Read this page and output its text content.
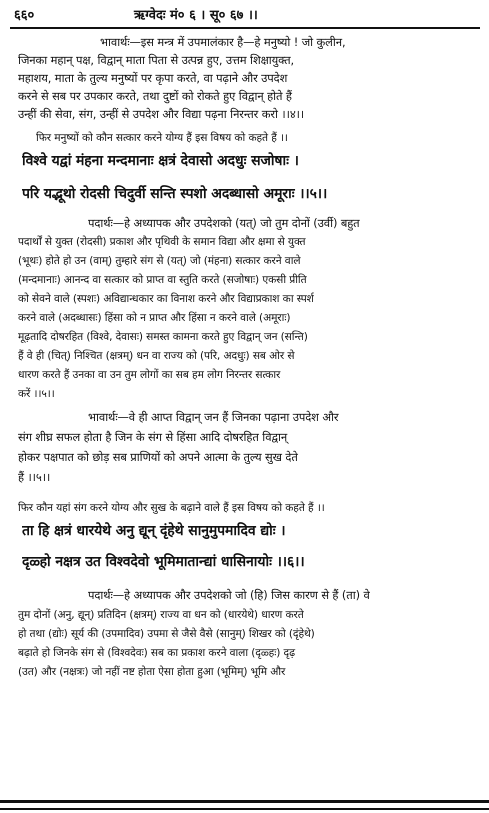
६६०	ऋग्वेदः मं० ६ । सू० ६७ ।।
भावार्थः—इस मन्त्र में उपमालंकार है—हे मनुष्यो ! जो कुलीन,
जिनका महान् पक्ष, विद्वान् माता पिता से उत्पन्न हुए, उत्तम शिक्षायुक्त,
महाशय, माता के तुल्य मनुष्यों पर कृपा करते, वा पढ़ाने और उपदेश
करने से सब पर उपकार करते, तथा दुष्टों को रोकते हुए विद्वान् होते हैं
उन्हीं की सेवा, संग, उन्हीं से उपदेश और विद्या पढ़ना निरन्तर करो ।।४।।
फिर मनुष्यों को कौन सत्कार करने योग्य हैं इस विषय को कहते हैं ।।
विश्वे यद्वां मंहना मन्दमानाः क्षत्रं देवासो अदधुः सजोषाः ।
परि यद्भूथो रोदसी चिदुर्वी सन्ति स्पशो अदब्धासो अमूराः ।।५।।
पदार्थः—हे अध्यापक और उपदेशको (यत्) जो तुम दोनों (उर्वी) बहुत
पदार्थों से युक्त (रोदसी) प्रकाश और पृथिवी के समान विद्या और क्षमा से युक्त
(भूथः) होते हो उन (वाम्) तुम्हारे संग से (यत्) जो (मंहना) सत्कार करने वाले
(मन्दमानाः) आनन्द वा सत्कार को प्राप्त वा स्तुति करते (सजोषाः) एकसी प्रीति
को सेवने वाले (स्पशः) अविद्यान्धकार का विनाश करने और विद्याप्रकाश का स्पर्श
करने वाले (अदब्धासः) हिंसा को न प्राप्त और हिंसा न करने वाले (अमूराः)
मूढ़तादि दोषरहित (विश्वे, देवासः) समस्त कामना करते हुए विद्वान् जन (सन्ति)
हैं वे ही (चित्) निश्चित (क्षत्रम्) धन वा राज्य को (परि, अदधुः) सब ओर से
धारण करते हैं उनका वा उन तुम लोगों का सब हम लोग निरन्तर सत्कार
करें ।।५।।
भावार्थः—वे ही आप्त विद्वान् जन हैं जिनका पढ़ाना उपदेश और
संग शीघ्र सफल होता है जिन के संग से हिंसा आदि दोषरहित विद्वान्
होकर पक्षपात को छोड़ सब प्राणियों को अपने आत्मा के तुल्य सुख देते
हैं ।।५।।
फिर कौन यहां संग करने योग्य और सुख के बढ़ाने वाले हैं इस विषय को कहते हैं ।।
ता हि क्षत्रं धारयेथे अनु द्यून् दृंहेथे सानुमुपमादिव द्योः ।
दृळ्हो नक्षत्र उत विश्वदेवो भूमिमातान्द्यां धासिनायोः ।।६।।
पदार्थः—हे अध्यापक और उपदेशको जो (हि) जिस कारण से हैं (ता) वे
तुम दोनों (अनु, द्यून्) प्रतिदिन (क्षत्रम्) राज्य वा धन को (धारयेथे) धारण करते
हो तथा (द्योः) सूर्य की (उपमादिव) उपमा से जैसे वैसे (सानुम्) शिखर को (दृंहेथे)
बढ़ाते हो जिनके संग से (विश्वदेवः) सब का प्रकाश करने वाला (दृळ्हः) दृढ़
(उत) और (नक्षत्रः) जो नहीं नष्ट होता ऐसा होता हुआ (भूमिम्) भूमि और
